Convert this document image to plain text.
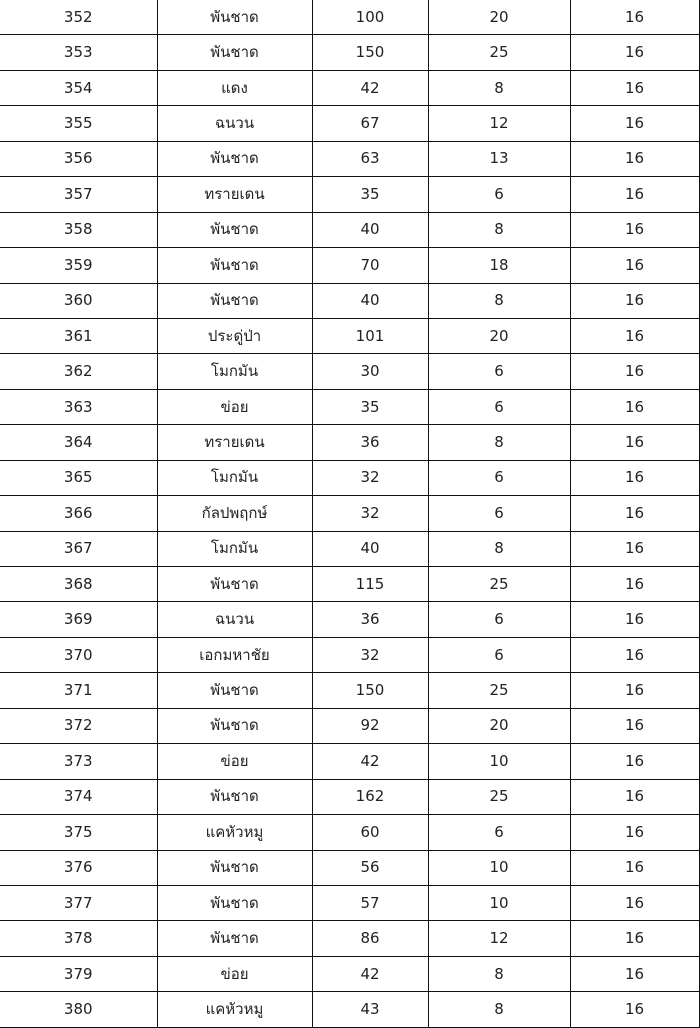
352	พันชาด	100	20	16
353	พันชาด	150	25	16
354	แดง	42	8	16
355	ฉนวน	67	12	16
356	พันชาด	63	13	16
357	ทรายเดน	35	6	16
358	พันชาด	40	8	16
359	พันชาด	70	18	16
360	พันชาด	40	8	16
361	ประดู่ป่า	101	20	16
362	โมกมัน	30	6	16
363	ข่อย	35	6	16
364	ทรายเดน	36	8	16
365	โมกมัน	32	6	16
366	กัลปพฤกษ์	32	6	16
367	โมกมัน	40	8	16
368	พันชาด	115	25	16
369	ฉนวน	36	6	16
370	เอกมหาชัย	32	6	16
371	พันชาด	150	25	16
372	พันชาด	92	20	16
373	ข่อย	42	10	16
374	พันชาด	162	25	16
375	แคหัวหมู	60	6	16
376	พันชาด	56	10	16
377	พันชาด	57	10	16
378	พันชาด	86	12	16
379	ข่อย	42	8	16
380	แคหัวหมู	43	8	16
